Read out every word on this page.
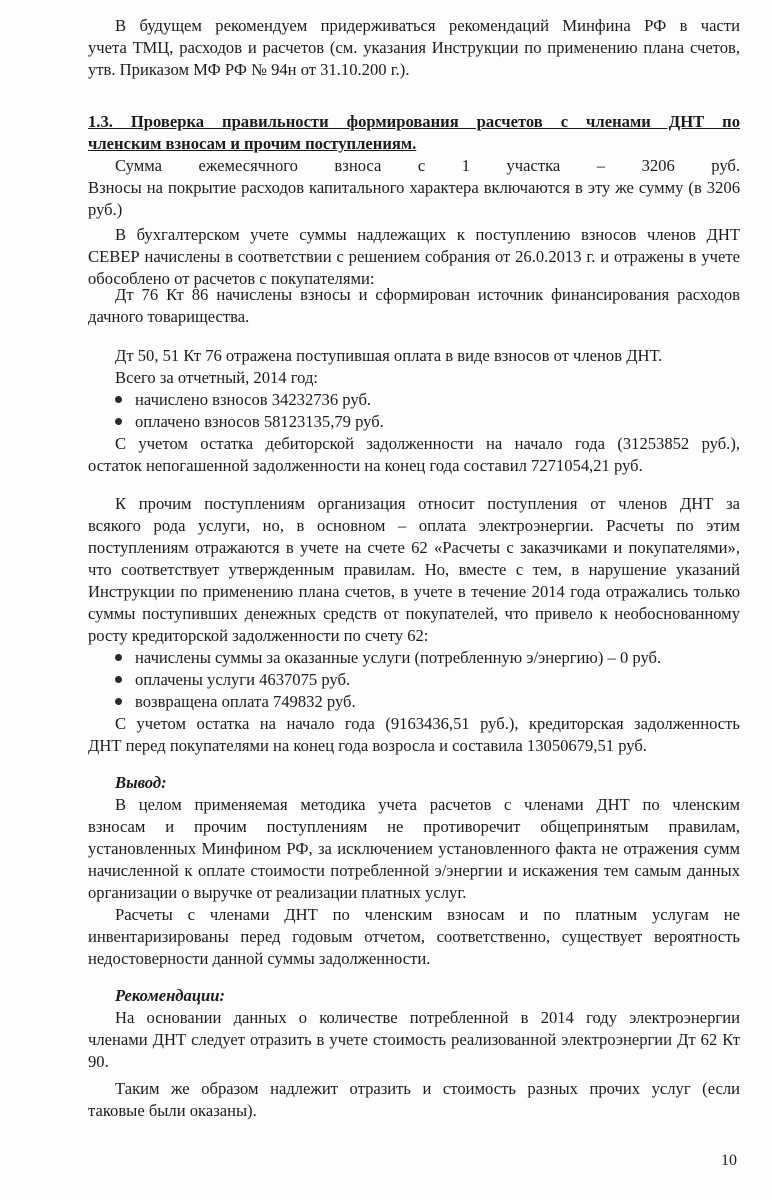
В будущем рекомендуем придерживаться рекомендаций Минфина РФ в части
учета ТМЦ, расходов и расчетов (см. указания Инструкции по применению плана счетов,
утв. Приказом МФ РФ № 94н от 31.10.200 г.).
1.3. Проверка правильности формирования расчетов с членами ДНТ по
членским взносам и прочим поступлениям.
Сумма ежемесячного взноса с 1 участка – 3206 руб.
Взносы на покрытие расходов капитального характера включаются в эту же сумму (в 3206
руб.)
В бухгалтерском учете суммы надлежащих к поступлению взносов членов ДНТ
СЕВЕР начислены в соответствии с решением собрания от 26.0.2013 г. и отражены в учете
обособлено от расчетов с покупателями:
Дт 76 Кт 86 начислены взносы и сформирован источник финансирования расходов
дачного товарищества.
Дт 50, 51 Кт 76 отражена поступившая оплата в виде взносов от членов ДНТ.
Всего за отчетный, 2014 год:
начислено взносов 34232736 руб.
оплачено взносов 58123135,79 руб.
С учетом остатка дебиторской задолженности на начало года (31253852 руб.),
остаток непогашенной задолженности на конец года составил 7271054,21 руб.
К прочим поступлениям организация относит поступления от членов ДНТ за
всякого рода услуги, но, в основном – оплата электроэнергии. Расчеты по этим
поступлениям отражаются в учете на счете 62 «Расчеты с заказчиками и покупателями»,
что соответствует утвержденным правилам. Но, вместе с тем, в нарушение указаний
Инструкции по применению плана счетов, в учете в течение 2014 года отражались только
суммы поступивших денежных средств от покупателей, что привело к необоснованному
росту кредиторской задолженности по счету 62:
начислены суммы за оказанные услуги (потребленную э/энергию) – 0 руб.
оплачены услуги 4637075 руб.
возвращена оплата 749832 руб.
С учетом остатка на начало года (9163436,51 руб.), кредиторская задолженность
ДНТ перед покупателями на конец года возросла и составила 13050679,51 руб.
Вывод:
В целом применяемая методика учета расчетов с членами ДНТ по членским
взносам и прочим поступлениям не противоречит общепринятым правилам,
установленных Минфином РФ, за исключением установленного факта не отражения сумм
начисленной к оплате стоимости потребленной э/энергии и искажения тем самым данных
организации о выручке от реализации платных услуг.
Расчеты с членами ДНТ по членским взносам и по платным услугам не
инвентаризированы перед годовым отчетом, соответственно, существует вероятность
недостоверности данной суммы задолженности.
Рекомендации:
На основании данных о количестве потребленной в 2014 году электроэнергии
членами ДНТ следует отразить в учете стоимость реализованной электроэнергии Дт 62 Кт
90.
Таким же образом надлежит отразить и стоимость разных прочих услуг (если
таковые были оказаны).
10
